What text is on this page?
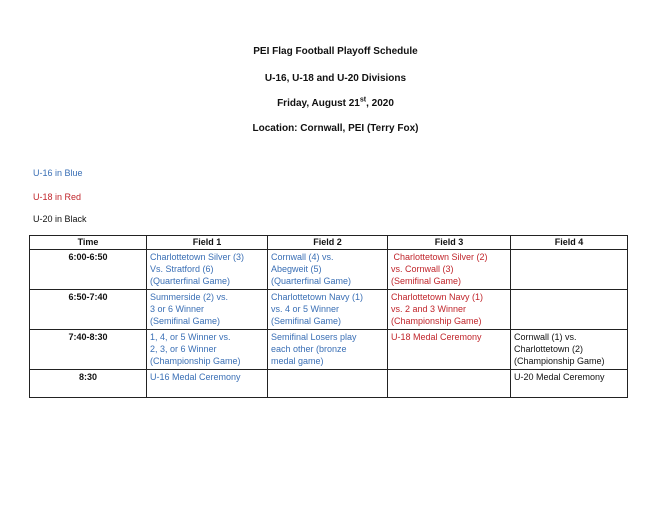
PEI Flag Football Playoff Schedule
U-16, U-18 and U-20 Divisions
Friday, August 21st, 2020
Location: Cornwall, PEI (Terry Fox)
U-16 in Blue
U-18 in Red
U-20 in Black
Time	Field 1	Field 2	Field 3	Field 4
6:00-6:50	Charlottetown Silver (3)
Vs. Stratford (6)
(Quarterfinal Game)	Cornwall (4) vs.
Abegweit (5)
(Quarterfinal Game)	Charlottetown Silver (2)
vs. Cornwall (3)
(Semifinal Game)	

6:50-7:40	Summerside (2) vs.
3 or 6 Winner
(Semifinal Game)	Charlottetown Navy (1)
vs. 4 or 5 Winner
(Semifinal Game)	Charlottetown Navy (1)
vs. 2 and 3 Winner
(Championship Game)	

7:40-8:30	1, 4, or 5 Winner vs.
2, 3, or 6 Winner
(Championship Game)	Semifinal Losers play
each other (bronze
medal game)	U-18 Medal Ceremony	Cornwall (1) vs.
Charlottetown (2)
(Championship Game)

8:30	U-16 Medal Ceremony			U-20 Medal Ceremony
